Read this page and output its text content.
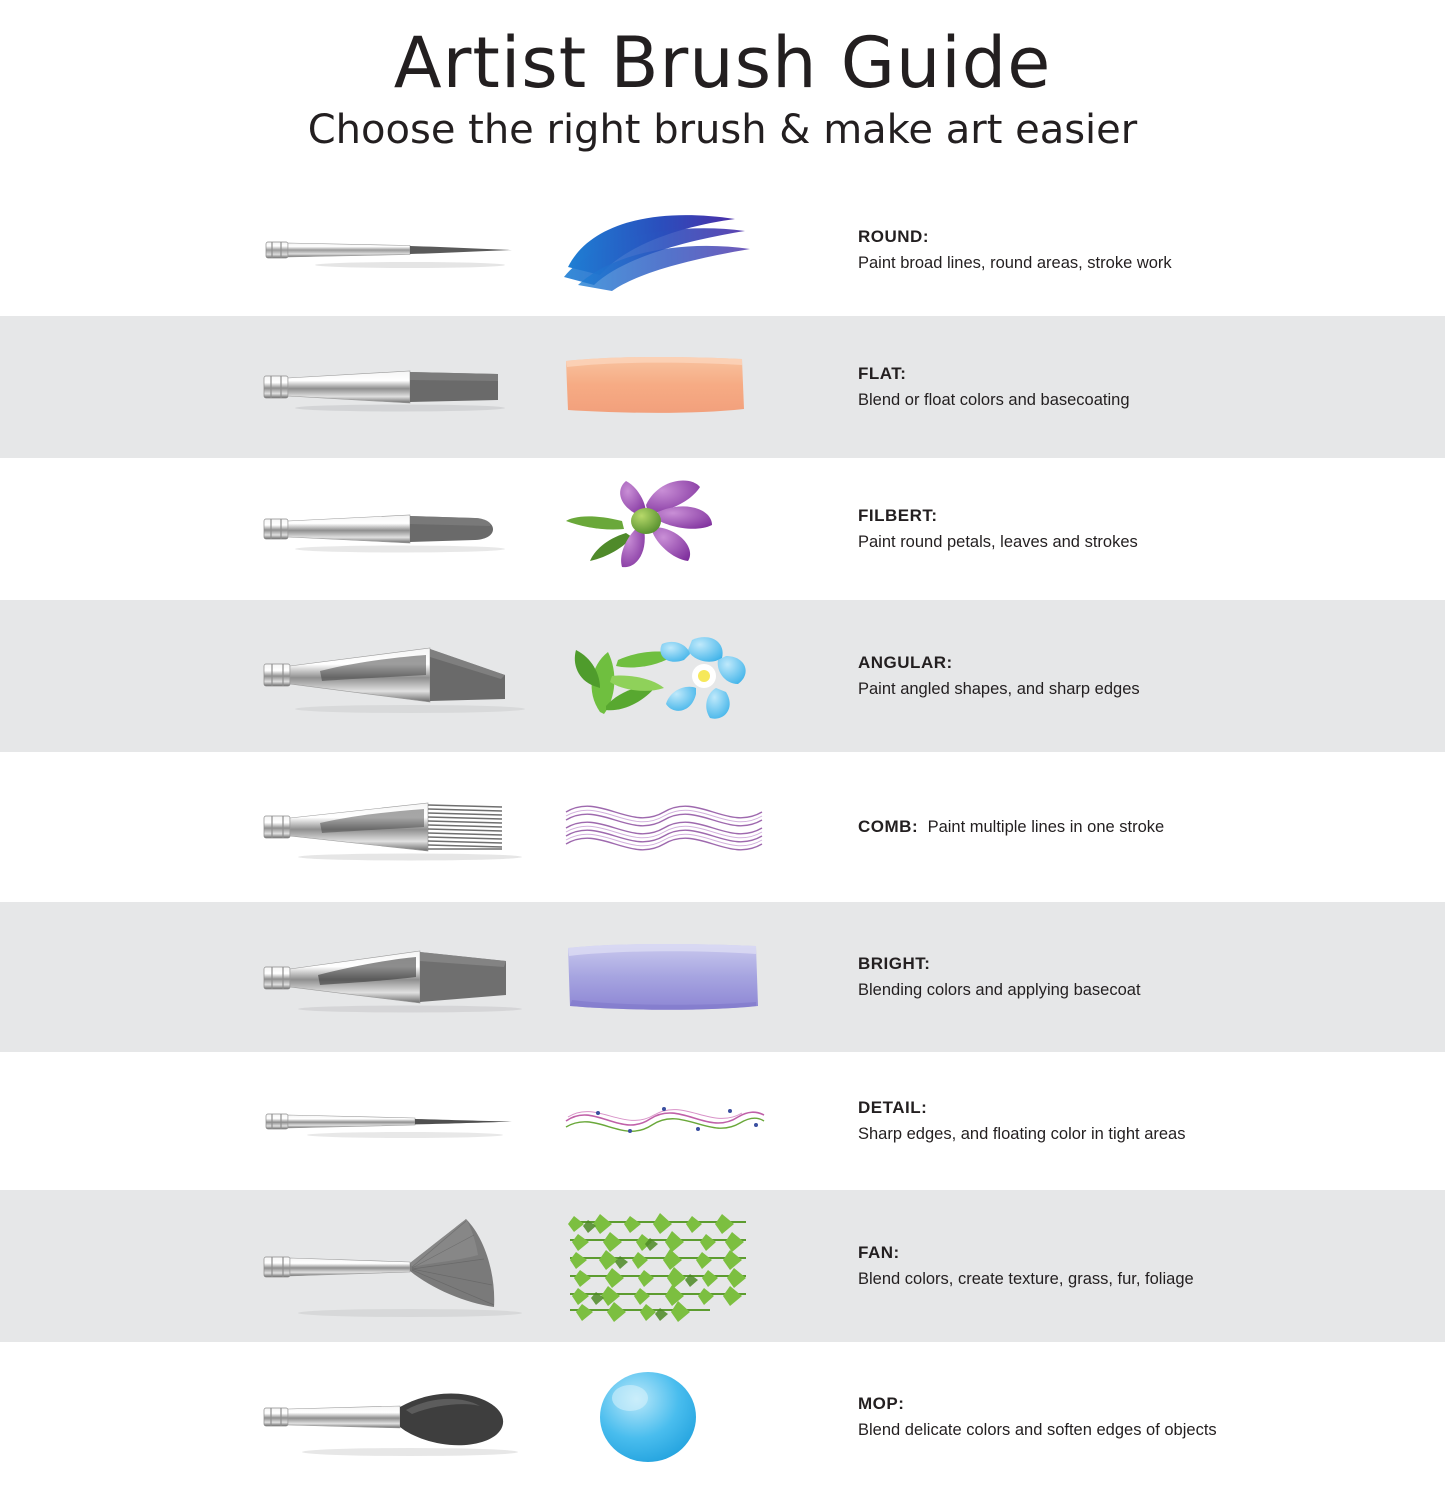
Artist Brush Guide
Choose the right brush & make art easier
ROUND:
Paint broad lines, round areas, stroke work
FLAT:
Blend or float colors and basecoating
FILBERT:
Paint round petals, leaves and strokes
ANGULAR:
Paint angled shapes, and sharp edges
COMB: Paint multiple lines in one stroke
BRIGHT:
Blending colors and applying basecoat
DETAIL:
Sharp edges, and floating color in tight areas
FAN:
Blend colors, create texture, grass, fur, foliage
MOP:
Blend delicate colors and soften edges of objects
